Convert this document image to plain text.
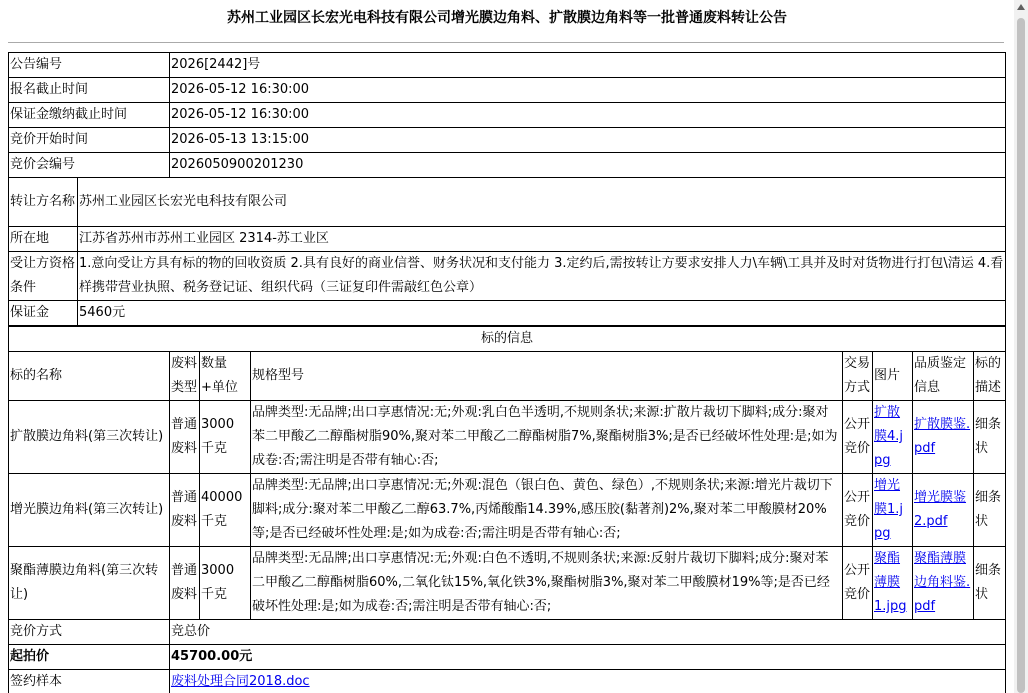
苏州工业园区长宏光电科技有限公司增光膜边角料、扩散膜边角料等一批普通废料转让公告
公告编号	2026[2442]号
报名截止时间	2026-05-12 16:30:00
保证金缴纳截止时间	2026-05-12 16:30:00
竞价开始时间	2026-05-13 13:15:00
竞价会编号	2026050900201230
转让方名称	苏州工业园区长宏光电科技有限公司
所在地	江苏省苏州市苏州工业园区 2314-苏工业区
受让方资格条件	1.意向受让方具有标的物的回收资质 2.具有良好的商业信誉、财务状况和支付能力 3.定约后,需按转让方要求安排人力\车辆\工具并及时对货物进行打包\清运 4.看样携带营业执照、税务登记证、组织代码（三证复印件需敲红色公章）
保证金	5460元
标的信息							
标的名称	废料类型	数量+单位	规格型号	交易方式	图片	品质鉴定信息	标的描述
扩散膜边角料(第三次转让)	普通废料	3000 千克	品牌类型:无品牌;出口享惠情况:无;外观:乳白色半透明,不规则条状;来源:扩散片裁切下脚料;成分:聚对苯二甲酸乙二醇酯树脂90%,聚对苯二甲酸乙二醇酯树脂7%,聚酯树脂3%;是否已经破坏性处理:是;如为成卷:否;需注明是否带有轴心:否;	公开竞价	扩散膜4.jpg	扩散膜鉴.pdf	细条状
增光膜边角料(第三次转让)	普通废料	40000千克	品牌类型:无品牌;出口享惠情况:无;外观:混色（银白色、黄色、绿色）,不规则条状;来源:增光片裁切下脚料;成分:聚对苯二甲酸乙二醇63.7%,丙烯酸酯14.39%,感压胶(黏著剂)2%,聚对苯二甲酸膜材20%等;是否已经破坏性处理:是;如为成卷:否;需注明是否带有轴心:否;	公开竞价	增光膜1.jpg	增光膜鉴2.pdf	细条状
聚酯薄膜边角料(第三次转让)	普通废料	3000 千克	品牌类型:无品牌;出口享惠情况:无;外观:白色不透明,不规则条状;来源:反射片裁切下脚料;成分:聚对苯二甲酸乙二醇酯树脂60%,二氧化钛15%,氧化铁3%,聚酯树脂3%,聚对苯二甲酸膜材19%等;是否已经破坏性处理:是;如为成卷:否;需注明是否带有轴心:否;	公开竞价	聚酯薄膜1.jpg	聚酯薄膜边角料鉴.pdf	细条状
竞价方式	竞总价						
起拍价	45700.00元						
签约样本	废料处理合同2018.doc						
